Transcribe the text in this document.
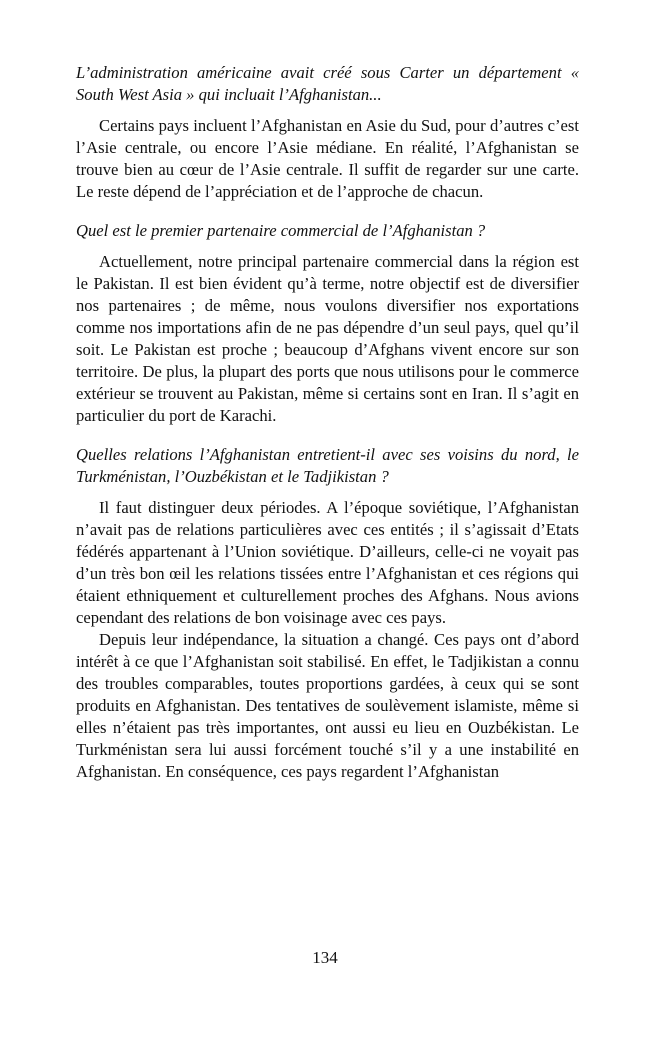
L’administration américaine avait créé sous Carter un département « South West Asia » qui incluait l’Afghanistan...

Certains pays incluent l’Afghanistan en Asie du Sud, pour d’autres c’est l’Asie centrale, ou encore l’Asie médiane. En réalité, l’Afghanistan se trouve bien au cœur de l’Asie centrale. Il suffit de regarder sur une carte. Le reste dépend de l’appréciation et de l’approche de chacun.

Quel est le premier partenaire commercial de l’Afghanistan ?

Actuellement, notre principal partenaire commercial dans la région est le Pakistan. Il est bien évident qu’à terme, notre objectif est de diversifier nos partenaires ; de même, nous voulons diversifier nos exportations comme nos importations afin de ne pas dépendre d’un seul pays, quel qu’il soit. Le Pakistan est proche ; beaucoup d’Afghans vivent encore sur son territoire. De plus, la plupart des ports que nous utilisons pour le commerce extérieur se trouvent au Pakistan, même si certains sont en Iran. Il s’agit en particulier du port de Karachi.

Quelles relations l’Afghanistan entretient-il avec ses voisins du nord, le Turkménistan, l’Ouzbékistan et le Tadjikistan ?

Il faut distinguer deux périodes. A l’époque soviétique, l’Afghanistan n’avait pas de relations particulières avec ces entités ; il s’agissait d’Etats fédérés appartenant à l’Union soviétique. D’ailleurs, celle-ci ne voyait pas d’un très bon œil les relations tissées entre l’Afghanistan et ces régions qui étaient ethniquement et culturellement proches des Afghans. Nous avions cependant des relations de bon voisinage avec ces pays.

Depuis leur indépendance, la situation a changé. Ces pays ont d’abord intérêt à ce que l’Afghanistan soit stabilisé. En effet, le Tadjikistan a connu des troubles comparables, toutes proportions gardées, à ceux qui se sont produits en Afghanistan. Des tentatives de soulèvement islamiste, même si elles n’étaient pas très importantes, ont aussi eu lieu en Ouzbékistan. Le Turkménistan sera lui aussi forcément touché s’il y a une instabilité en Afghanistan. En conséquence, ces pays regardent l’Afghanistan

134
